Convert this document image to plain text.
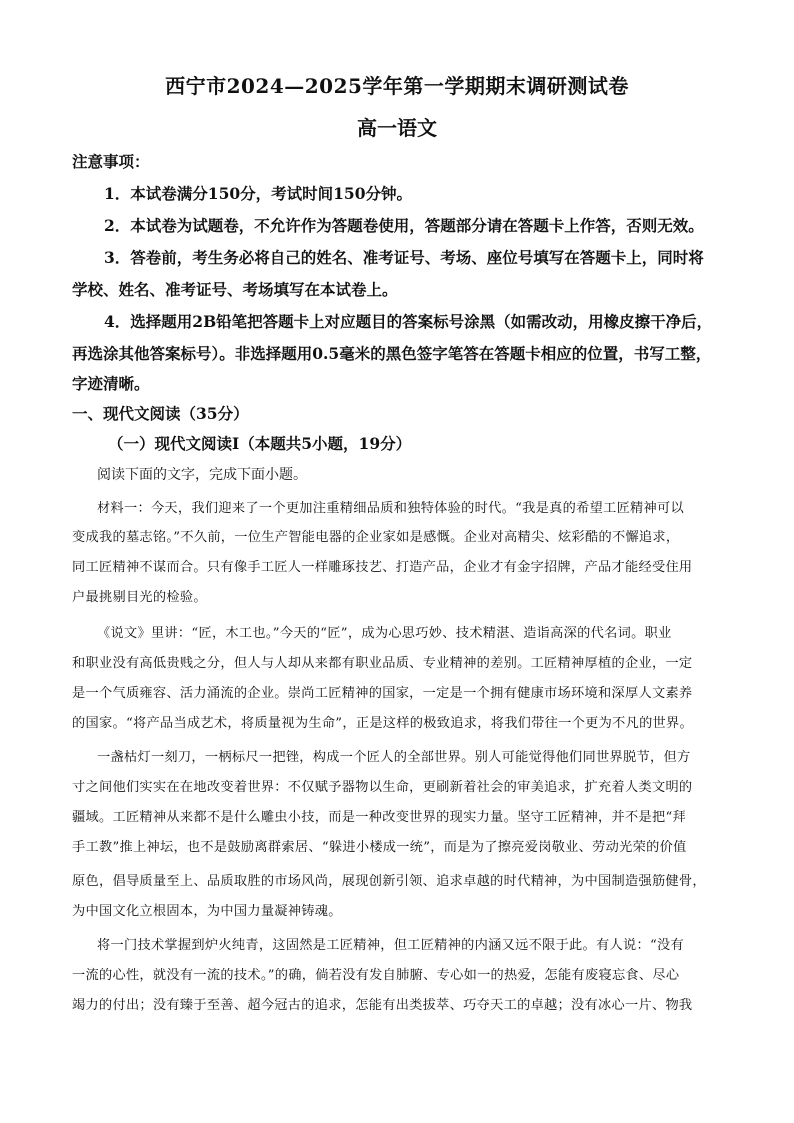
西宁市2024—2025学年第一学期期末调研测试卷
高一语文
注意事项：
1．本试卷满分150分，考试时间150分钟。
2．本试卷为试题卷，不允许作为答题卷使用，答题部分请在答题卡上作答，否则无效。
3．答卷前，考生务必将自己的姓名、准考证号、考场、座位号填写在答题卡上，同时将
学校、姓名、准考证号、考场填写在本试卷上。
4．选择题用2B铅笔把答题卡上对应题目的答案标号涂黑（如需改动，用橡皮擦干净后，
再选涂其他答案标号）。非选择题用0.5毫米的黑色签字笔答在答题卡相应的位置，书写工整，
字迹清晰。
一、现代文阅读（35分）
（一）现代文阅读Ⅰ（本题共5小题，19分）
阅读下面的文字，完成下面小题。
材料一：今天，我们迎来了一个更加注重精细品质和独特体验的时代。“我是真的希望工匠精神可以
变成我的墓志铭。”不久前，一位生产智能电器的企业家如是感慨。企业对高精尖、炫彩酷的不懈追求，
同工匠精神不谋而合。只有像手工匠人一样雕琢技艺、打造产品，企业才有金字招牌，产品才能经受住用
户最挑剔目光的检验。
《说文》里讲：“匠，木工也。”今天的“匠”，成为心思巧妙、技术精湛、造诣高深的代名词。职业
和职业没有高低贵贱之分，但人与人却从来都有职业品质、专业精神的差别。工匠精神厚植的企业，一定
是一个气质雍容、活力涌流的企业。崇尚工匠精神的国家，一定是一个拥有健康市场环境和深厚人文素养
的国家。“将产品当成艺术，将质量视为生命”，正是这样的极致追求，将我们带往一个更为不凡的世界。
一盏枯灯一刻刀，一柄标尺一把锉，构成一个匠人的全部世界。别人可能觉得他们同世界脱节，但方
寸之间他们实实在在地改变着世界：不仅赋予器物以生命，更刷新着社会的审美追求，扩充着人类文明的
疆域。工匠精神从来都不是什么雕虫小技，而是一种改变世界的现实力量。坚守工匠精神，并不是把“拜
手工教”推上神坛，也不是鼓励离群索居、“躲进小楼成一统”，而是为了擦亮爱岗敬业、劳动光荣的价值
原色，倡导质量至上、品质取胜的市场风尚，展现创新引领、追求卓越的时代精神，为中国制造强筋健骨，
为中国文化立根固本，为中国力量凝神铸魂。
将一门技术掌握到炉火纯青，这固然是工匠精神，但工匠精神的内涵又远不限于此。有人说：“没有
一流的心性，就没有一流的技术。”的确，倘若没有发自肺腑、专心如一的热爱，怎能有废寝忘食、尽心
竭力的付出；没有臻于至善、超今冠古的追求，怎能有出类拔萃、巧夺天工的卓越；没有冰心一片、物我
